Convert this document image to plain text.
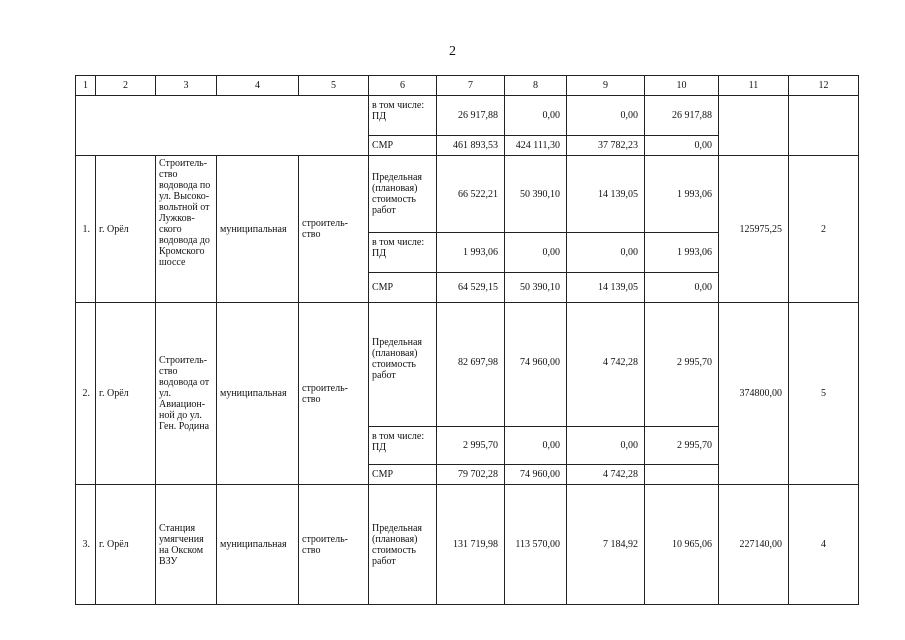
2
1	2	3	4	5	6	7	8	9	10	11	12
					в том числе: ПД	26 917,88	0,00	0,00	26 917,88		
					СМР	461 893,53	424 111,30	37 782,23	0,00		
1.	г. Орёл	Строитель-ство водовода по ул. Высоко-вольтной от Лужков-ского водовода до Кромского шоссе	муниципальная	строитель-ство	Предельная (плановая) стоимость работ	66 522,21	50 390,10	14 139,05	1 993,06	125975,25	2
					в том числе: ПД	1 993,06	0,00	0,00	1 993,06		
					СМР	64 529,15	50 390,10	14 139,05	0,00		
2.	г. Орёл	Строитель-ство водовода от ул. Авиацион-ной до ул. Ген. Родина	муниципальная	строитель-ство	Предельная (плановая) стоимость работ	82 697,98	74 960,00	4 742,28	2 995,70	374800,00	5
					в том числе: ПД	2 995,70	0,00	0,00	2 995,70		
					СМР	79 702,28	74 960,00	4 742,28			
3.	г. Орёл	Станция умягчения на Окском ВЗУ	муниципальная	строитель-ство	Предельная (плановая) стоимость работ	131 719,98	113 570,00	7 184,92	10 965,06	227140,00	4
